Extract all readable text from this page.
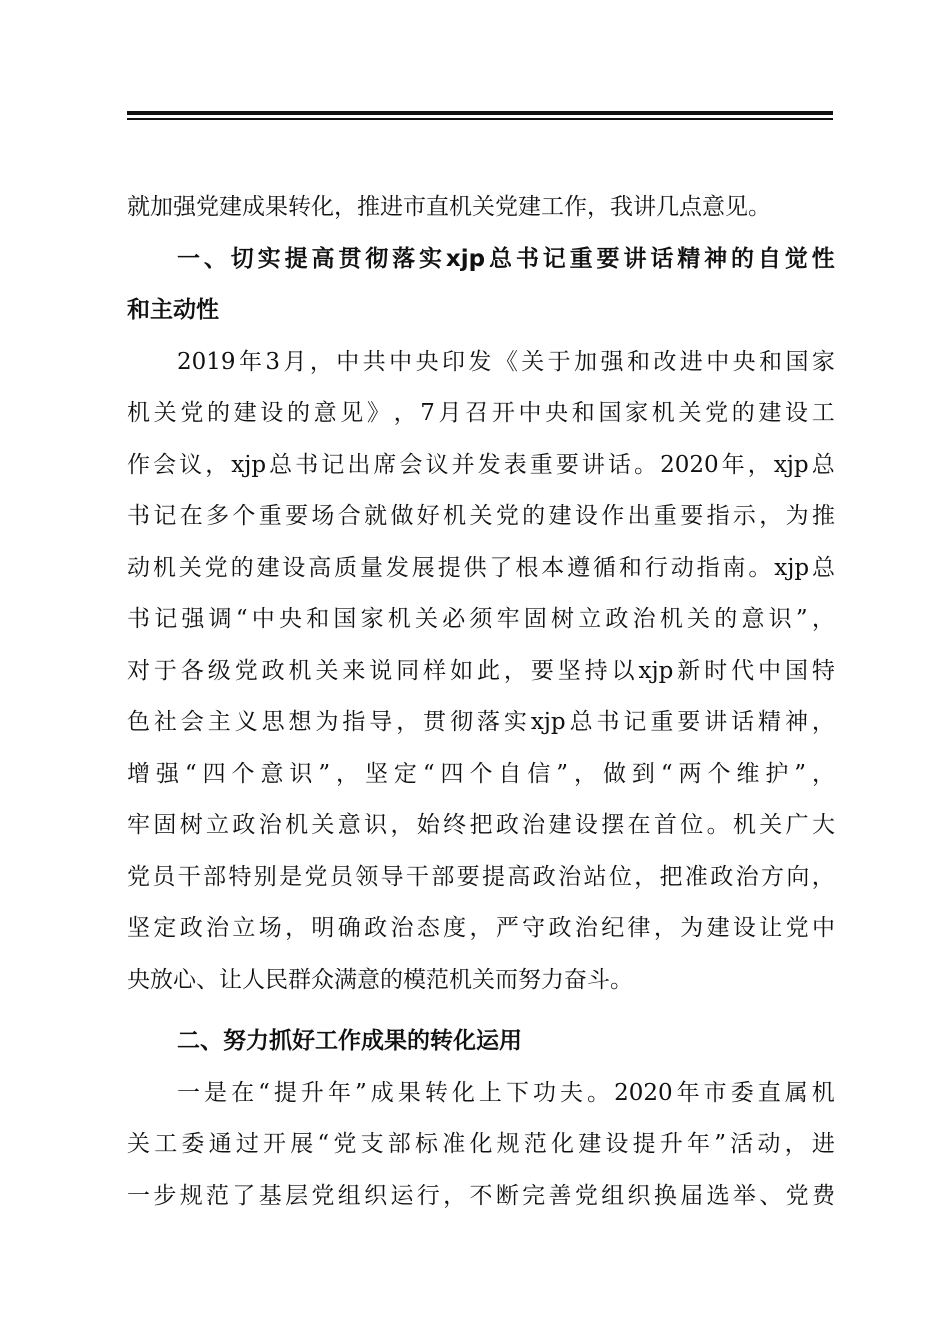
就 加 强 党 建 成 果 转 化 ， 推 进 市 直 机 关 党 建 工 作 ， 我 讲 几 点 意 见 。
一 、 切 实 提 高 贯 彻 落 实 xjp 总 书 记 重 要 讲 话 精 神 的 自 觉 性
和 主 动 性
2019 年 3 月 ， 中 共 中 央 印 发 《 关 于 加 强 和 改 进 中 央 和 国 家
机 关 党 的 建 设 的 意 见 》 ， 7 月 召 开 中 央 和 国 家 机 关 党 的 建 设 工
作 会 议 ， xjp 总 书 记 出 席 会 议 并 发 表 重 要 讲 话 。 2020 年 ， xjp 总
书 记 在 多 个 重 要 场 合 就 做 好 机 关 党 的 建 设 作 出 重 要 指 示 ， 为 推
动 机 关 党 的 建 设 高 质 量 发 展 提 供 了 根 本 遵 循 和 行 动 指 南 。 xjp 总
书 记 强 调 “ 中 央 和 国 家 机 关 必 须 牢 固 树 立 政 治 机 关 的 意 识 ” ，
对 于 各 级 党 政 机 关 来 说 同 样 如 此 ， 要 坚 持 以 xjp 新 时 代 中 国 特
色 社 会 主 义 思 想 为 指 导 ， 贯 彻 落 实 xjp 总 书 记 重 要 讲 话 精 神 ，
增 强 “ 四 个 意 识 ” ， 坚 定 “ 四 个 自 信 ” ， 做 到 “ 两 个 维 护 ” ，
牢 固 树 立 政 治 机 关 意 识 ， 始 终 把 政 治 建 设 摆 在 首 位 。 机 关 广 大
党 员 干 部 特 别 是 党 员 领 导 干 部 要 提 高 政 治 站 位 ， 把 准 政 治 方 向 ，
坚 定 政 治 立 场 ， 明 确 政 治 态 度 ， 严 守 政 治 纪 律 ， 为 建 设 让 党 中
央 放 心 、 让 人 民 群 众 满 意 的 模 范 机 关 而 努 力 奋 斗 。
二 、 努 力 抓 好 工 作 成 果 的 转 化 运 用
一 是 在 “ 提 升 年 ” 成 果 转 化 上 下 功 夫 。 2020 年 市 委 直 属 机
关 工 委 通 过 开 展 “ 党 支 部 标 准 化 规 范 化 建 设 提 升 年 ” 活 动 ， 进
一 步 规 范 了 基 层 党 组 织 运 行 ， 不 断 完 善 党 组 织 换 届 选 举 、 党 费
